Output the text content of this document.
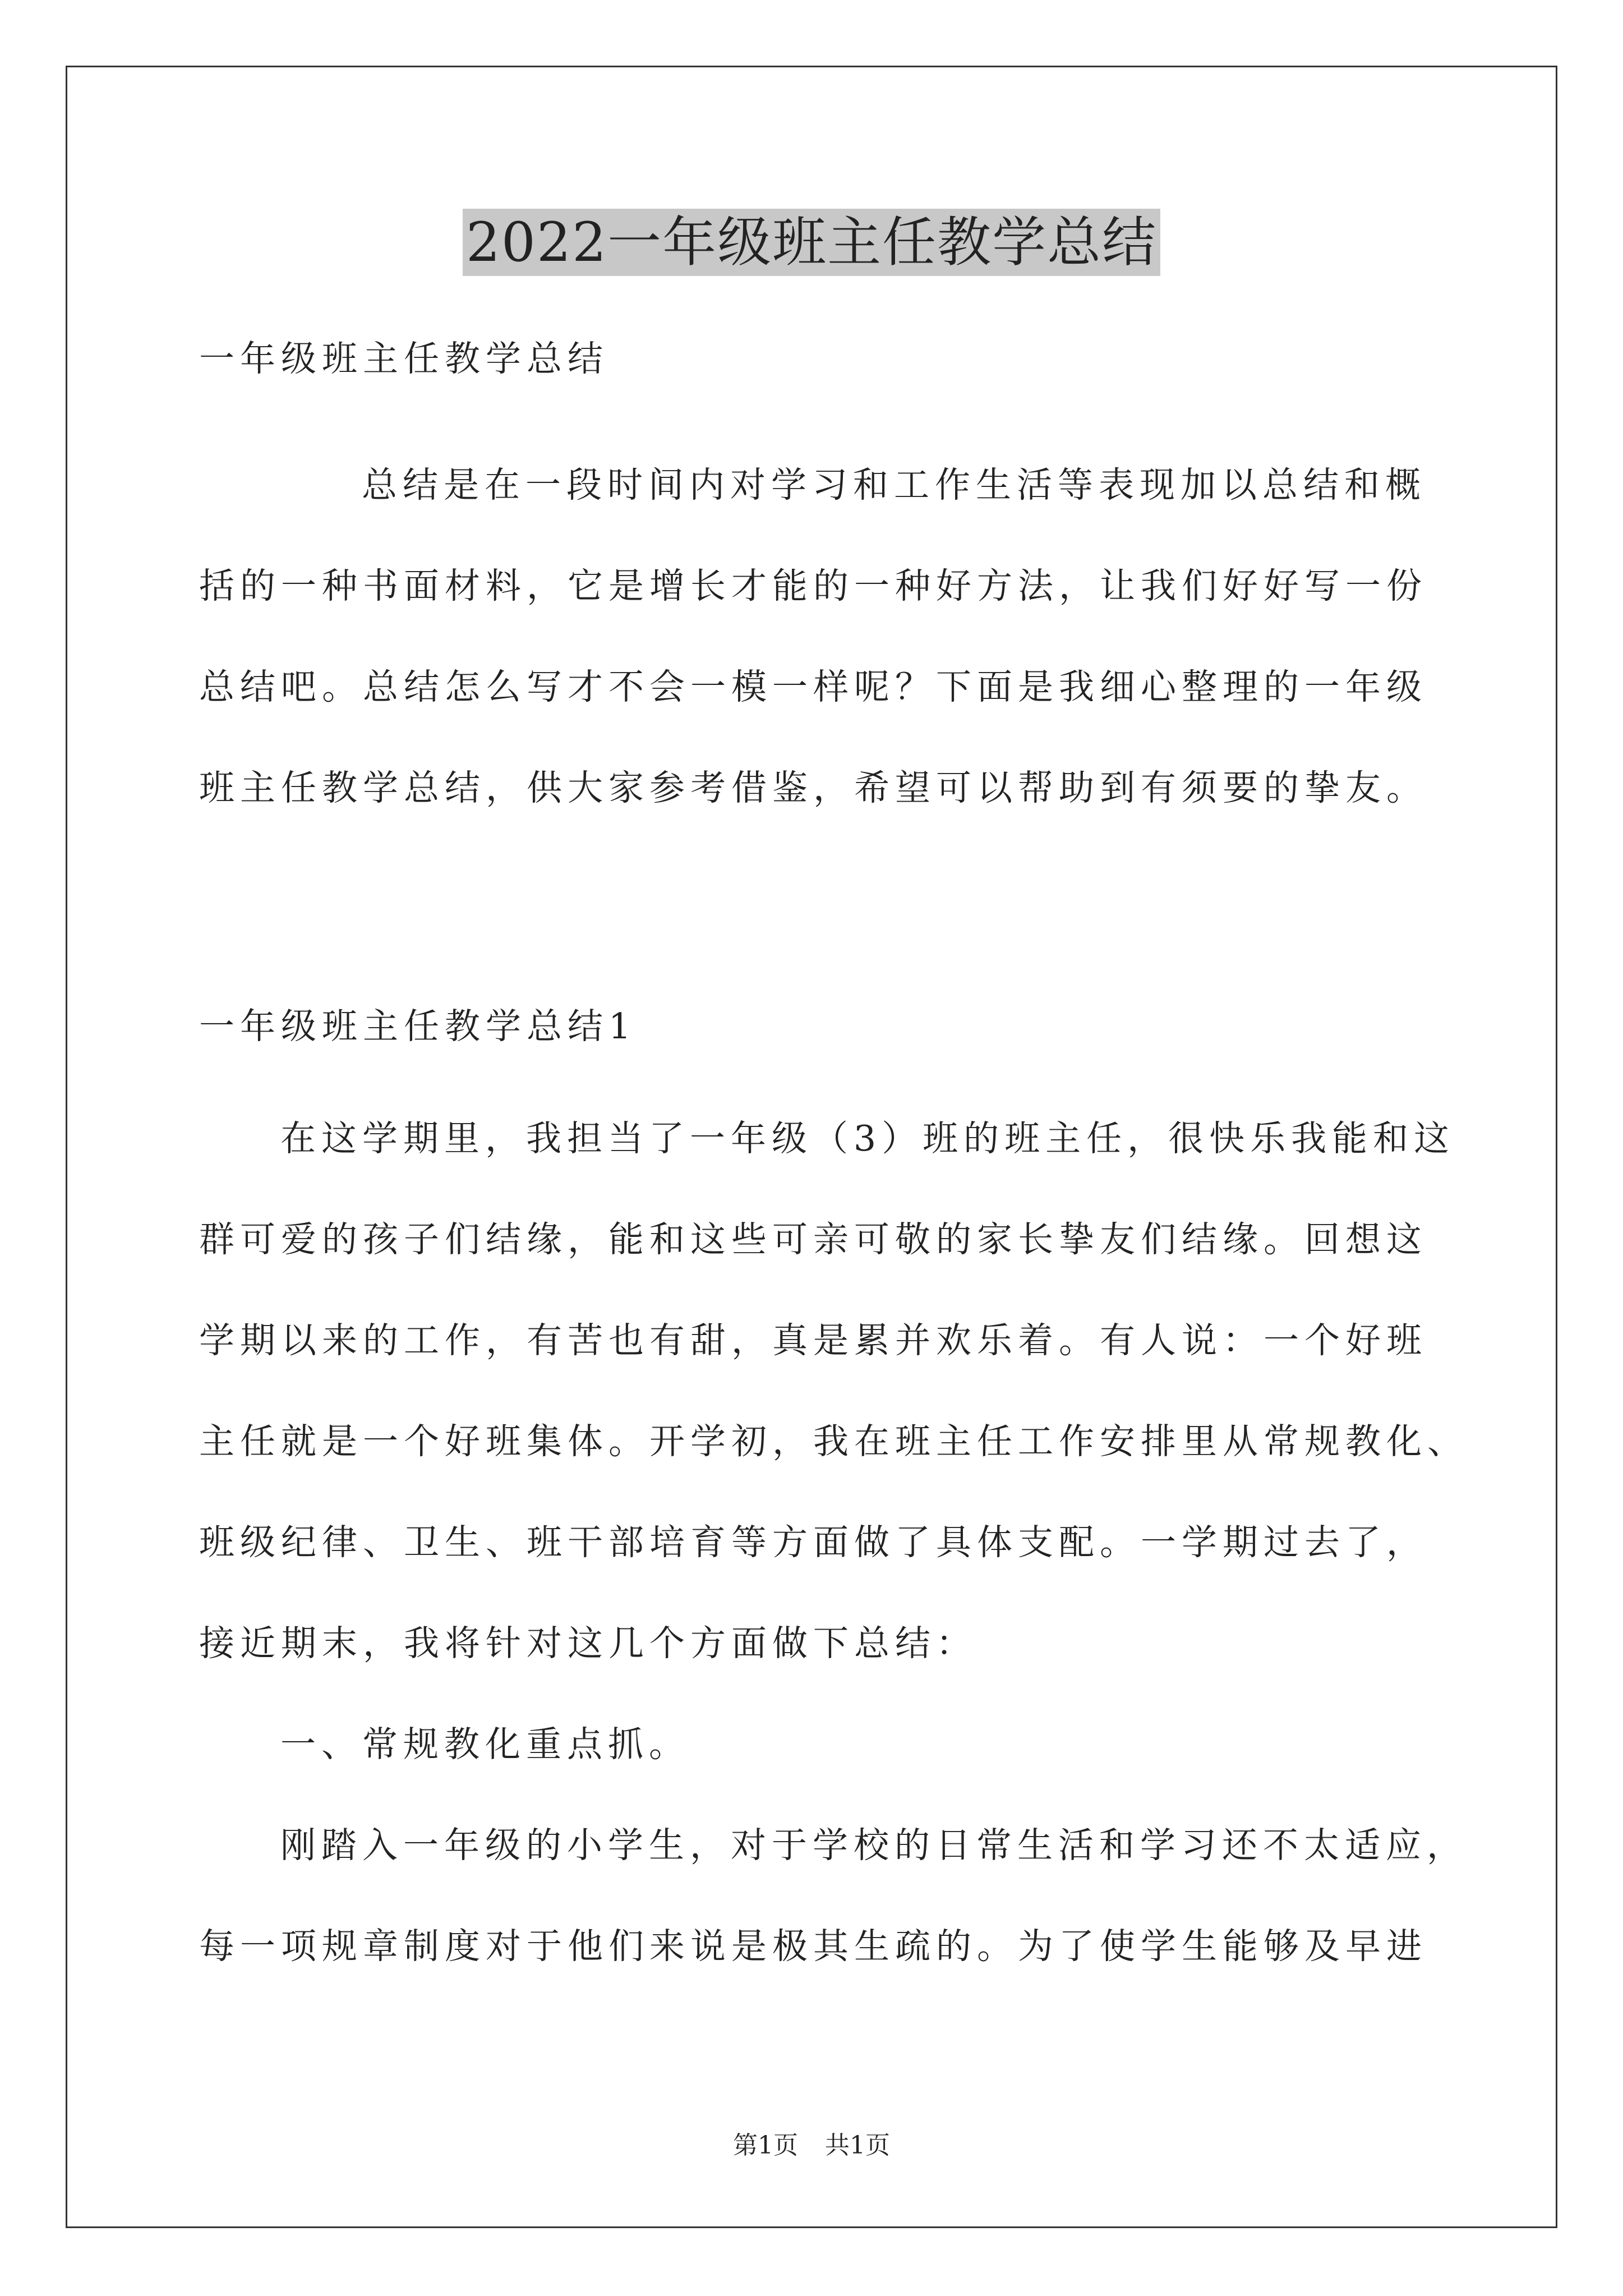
2022一年级班主任教学总结
一年级班主任教学总结
总结是在一段时间内对学习和工作生活等表现加以总结和概
括的一种书面材料，它是增长才能的一种好方法，让我们好好写一份
总结吧。总结怎么写才不会一模一样呢？下面是我细心整理的一年级
班主任教学总结，供大家参考借鉴，希望可以帮助到有须要的挚友。
一年级班主任教学总结1
在这学期里，我担当了一年级（3）班的班主任，很快乐我能和这
群可爱的孩子们结缘，能和这些可亲可敬的家长挚友们结缘。回想这
学期以来的工作，有苦也有甜，真是累并欢乐着。有人说：一个好班
主任就是一个好班集体。开学初，我在班主任工作安排里从常规教化、
班级纪律、卫生、班干部培育等方面做了具体支配。一学期过去了，
接近期末，我将针对这几个方面做下总结：
一、常规教化重点抓。
刚踏入一年级的小学生，对于学校的日常生活和学习还不太适应，
每一项规章制度对于他们来说是极其生疏的。为了使学生能够及早进
第1页 共1页
